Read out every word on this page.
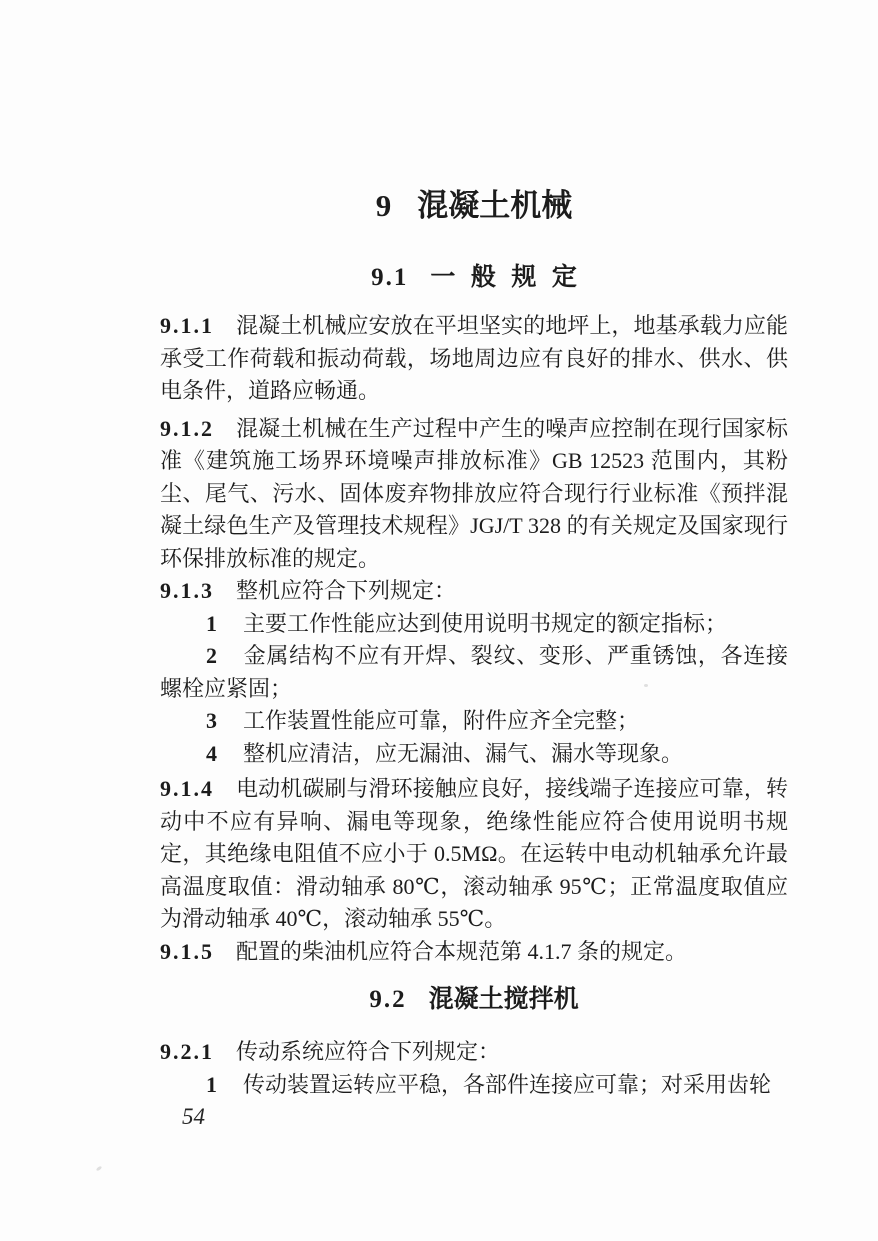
9 混凝土机械
9.1 一般规定

9.1.1 混凝土机械应安放在平坦坚实的地坪上，地基承载力应能承受工作荷载和振动荷载，场地周边应有良好的排水、供水、供电条件，道路应畅通。

9.1.2 混凝土机械在生产过程中产生的噪声应控制在现行国家标准《建筑施工场界环境噪声排放标准》GB 12523 范围内，其粉尘、尾气、污水、固体废弃物排放应符合现行行业标准《预拌混凝土绿色生产及管理技术规程》JGJ/T 328 的有关规定及国家现行环保排放标准的规定。

9.1.3 整机应符合下列规定：

1 主要工作性能应达到使用说明书规定的额定指标；

2 金属结构不应有开焊、裂纹、变形、严重锈蚀，各连接螺栓应紧固；

3 工作装置性能应可靠，附件应齐全完整；

4 整机应清洁，应无漏油、漏气、漏水等现象。

9.1.4 电动机碳刷与滑环接触应良好，接线端子连接应可靠，转动中不应有异响、漏电等现象，绝缘性能应符合使用说明书规定，其绝缘电阻值不应小于 0.5MΩ。在运转中电动机轴承允许最高温度取值：滑动轴承 80℃，滚动轴承 95℃；正常温度取值应为滑动轴承 40℃，滚动轴承 55℃。

9.1.5 配置的柴油机应符合本规范第 4.1.7 条的规定。

9.2 混凝土搅拌机

9.2.1 传动系统应符合下列规定：

1 传动装置运转应平稳，各部件连接应可靠；对采用齿轮

54
